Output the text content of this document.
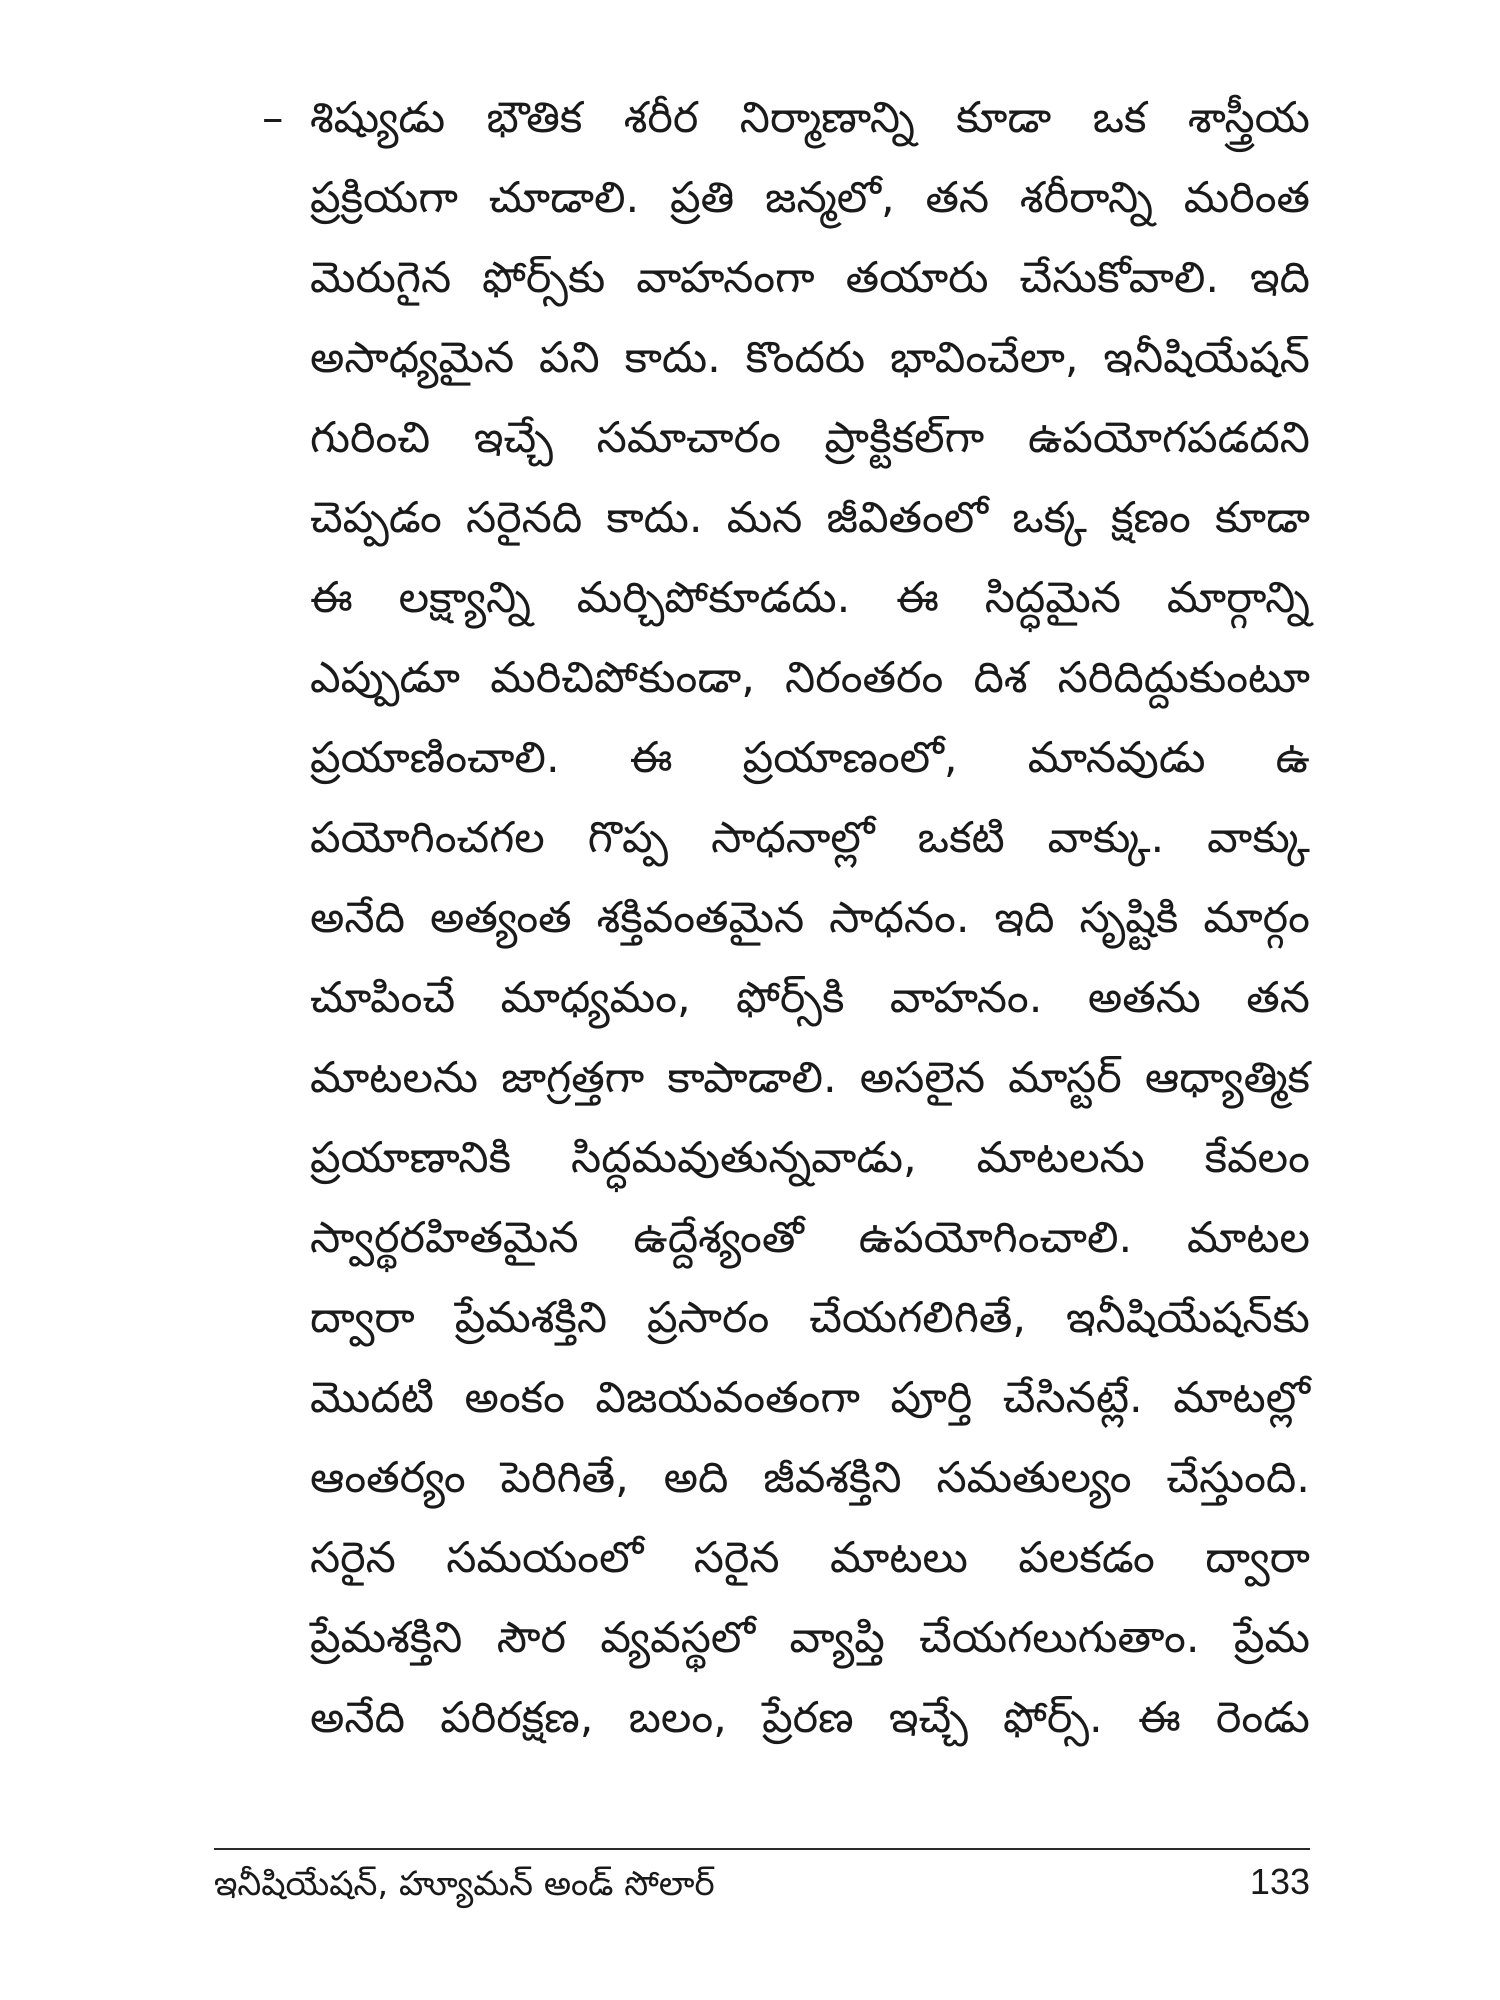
– శిష్యుడు భౌతిక శరీర నిర్మాణాన్ని కూడా ఒక శాస్త్రీయ
ప్రక్రియగా చూడాలి. ప్రతి జన్మలో, తన శరీరాన్ని మరింత
మెరుగైన ఫోర్స్‌కు వాహనంగా తయారు చేసుకోవాలి. ఇది
అసాధ్యమైన పని కాదు. కొందరు భావించేలా, ఇనీషియేషన్
గురించి ఇచ్చే సమాచారం ప్రాక్టికల్‌గా ఉపయోగపడదని
చెప్పడం సరైనది కాదు. మన జీవితంలో ఒక్క క్షణం కూడా
ఈ లక్ష్యాన్ని మర్చిపోకూడదు. ఈ సిద్ధమైన మార్గాన్ని
ఎప్పుడూ మరిచిపోకుండా, నిరంతరం దిశ సరిదిద్దుకుంటూ
ప్రయాణించాలి. ఈ ప్రయాణంలో, మానవుడు ఉ
పయోగించగల గొప్ప సాధనాల్లో ఒకటి వాక్కు. వాక్కు
అనేది అత్యంత శక్తివంతమైన సాధనం. ఇది సృష్టికి మార్గం
చూపించే మాధ్యమం, ఫోర్స్‌కి వాహనం. అతను తన
మాటలను జాగ్రత్తగా కాపాడాలి. అసలైన మాస్టర్ ఆధ్యాత్మిక
ప్రయాణానికి సిద్ధమవుతున్నవాడు, మాటలను కేవలం
స్వార్థరహితమైన ఉద్దేశ్యంతో ఉపయోగించాలి. మాటల
ద్వారా ప్రేమశక్తిని ప్రసారం చేయగలిగితే, ఇనీషియేషన్‌కు
మొదటి అంకం విజయవంతంగా పూర్తి చేసినట్లే. మాటల్లో
ఆంతర్యం పెరిగితే, అది జీవశక్తిని సమతుల్యం చేస్తుంది.
సరైన సమయంలో సరైన మాటలు పలకడం ద్వారా
ప్రేమశక్తిని సౌర వ్యవస్థలో వ్యాప్తి చేయగలుగుతాం. ప్రేమ
అనేది పరిరక్షణ, బలం, ప్రేరణ ఇచ్చే ఫోర్స్. ఈ రెండు
ఇనీషియేషన్, హ్యూమన్ అండ్ సోలార్	133
